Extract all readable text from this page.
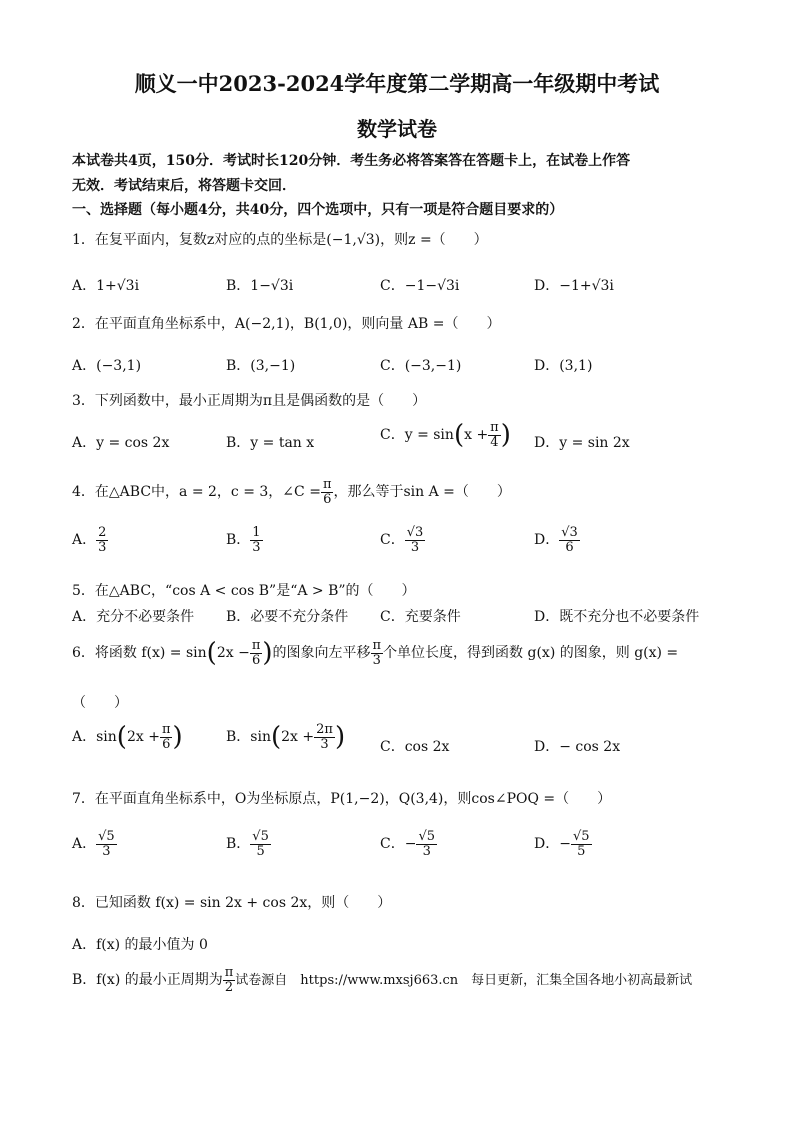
顺义一中2023-2024学年度第二学期高一年级期中考试
数学试卷
本试卷共4页，150分．考试时长120分钟．考生务必将答案答在答题卡上，在试卷上作答
无效．考试结束后，将答题卡交回．
一、选择题（每小题4分，共40分，四个选项中，只有一项是符合题目要求的）
1．在复平面内，复数z对应的点的坐标是(−1,√3)，则z =（　　）
A．1+√3i	B．1−√3i	C．−1−√3i	D．−1+√3i
2．在平面直角坐标系中，A(−2,1)，B(1,0)，则向量 AB =（　　）
A．(−3,1)	B．(3,−1)	C．(−3,−1)	D．(3,1)
3．下列函数中，最小正周期为π且是偶函数的是（　　）
A．y = cos 2x	B．y = tan x	C．$y = \sin(x + \frac{\pi}{4}$ ) D．y = sin 2x
4．在△ABC中，a = 2，c = 3，∠C = $\frac{\pi}{6}$ ，那么等于sin A =（　　）
A． $\frac{2}{3}$	B． $\frac{1}{3}$	C． $\frac{√3}{3}$	D． $\frac{√3}{6}$
5．在△ABC，“cos A < cos B”是“A > B”的（　　）
A．充分不必要条件 B．必要不充分条件 C．充要条件	D．既不充分也不必要条件
6．将函数 $f(x) = \sin(2x - \frac{\pi}{6}$ )的图象向左平移 $\frac{\pi}{3}$ 个单位长度，得到函数 g(x) 的图象，则 g(x) =
（　　）
A．$\sin(2x + \frac{\pi}{6}$ )	B．$\sin(2x + \frac{2\pi}{3}$ ) C．cos 2x	D．− cos 2x
7．在平面直角坐标系中，O为坐标原点，P(1,−2)，Q(3,4)，则cos∠POQ =（　　）
A． $\frac{√5}{3}$	B． $\frac{√5}{5}$	C．− $\frac{√5}{3}$	D．− $\frac{√5}{5}$
8．已知函数 f(x) = sin 2x + cos 2x，则（　　）
A．f(x) 的最小值为 0
B．f(x) 的最小正周期为 $\frac{\pi}{2}$ 试卷源自　https://www.mxsj663.cn　每日更新，汇集全国各地小初高最新试
